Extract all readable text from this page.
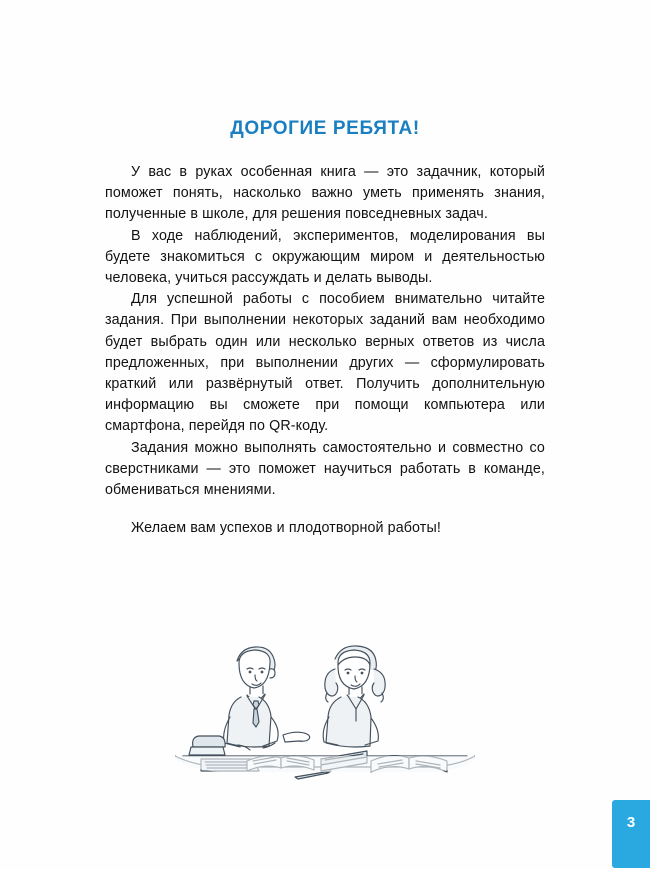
ДОРОГИЕ РЕБЯТА!

У вас в руках особенная книга — это задачник, который поможет понять, насколько важно уметь применять знания, полученные в школе, для решения повседневных задач.

В ходе наблюдений, экспериментов, моделирования вы будете знакомиться с окружающим миром и деятельностью человека, учиться рассуждать и делать выводы.

Для успешной работы с пособием внимательно читайте задания. При выполнении некоторых заданий вам необходимо будет выбрать один или несколько верных ответов из числа предложенных, при выполнении других — сформулировать краткий или развёрнутый ответ. Получить дополнительную информацию вы сможете при помощи компьютера или смартфона, перейдя по QR-коду.

Задания можно выполнять самостоятельно и совместно со сверстниками — это поможет научиться работать в команде, обмениваться мнениями.

Желаем вам успехов и плодотворной работы!

3
